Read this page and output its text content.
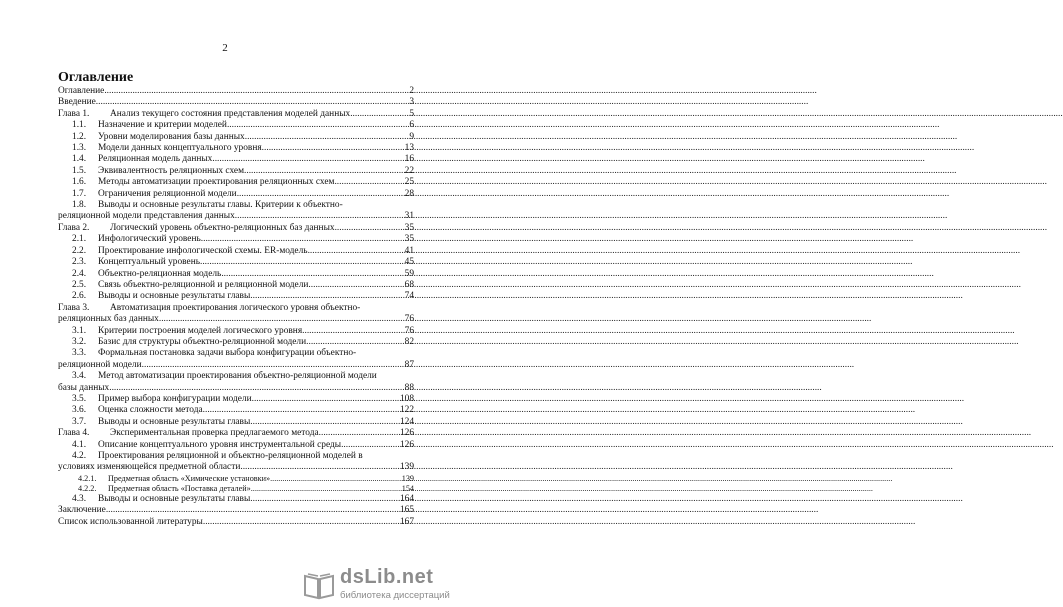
2
Оглавление
Оглавление .....	2
Введение .....	3
Глава 1. Анализ текущего состояния представления моделей данных .....	5
1.1. Назначение и критерии моделей .....	6
1.2. Уровни моделирования базы данных .....	9
1.3. Модели данных концептуального уровня .....	13
1.4. Реляционная модель данных .....	16
1.5. Эквивалентность реляционных схем .....	22
1.6. Методы автоматизации проектирования реляционных схем .....	25
1.7. Ограничения реляционной модели .....	28
1.8. Выводы и основные результаты главы. Критерии к объектно-
реляционной модели представления данных .....	31
Глава 2. Логический уровень объектно-реляционных баз данных .....	35
2.1. Инфологический уровень .....	35
2.2. Проектирование инфологической схемы. ER-модель .....	41
2.3. Концептуальный уровень .....	45
2.4. Объектно-реляционная модель .....	59
2.5. Связь объектно-реляционной и реляционной модели .....	68
2.6. Выводы и основные результаты главы .....	74
Глава 3. Автоматизация проектирования логического уровня объектно-
реляционных баз данных .....	76
3.1. Критерии построения моделей логического уровня .....	76
3.2. Базис для структуры объектно-реляционной модели .....	82
3.3. Формальная постановка задачи выбора конфигурации объектно-
реляционной модели .....	87
3.4. Метод автоматизации проектирования объектно-реляционной модели
базы данных .....	88
3.5. Пример выбора конфигурации модели .....	108
3.6. Оценка сложности метода .....	122
3.7. Выводы и основные результаты главы .....	124
Глава 4. Экспериментальная проверка предлагаемого метода .....	126
4.1. Описание концептуального уровня инструментальной среды .....	126
4.2. Проектирования реляционной и объектно-реляционной моделей в
условиях изменяющейся предметной области .....	139
4.2.1. Предметная область «Химические установки» .....	139
4.2.2. Предметная область «Поставка деталей» .....	154
4.3. Выводы и основные результаты главы .....	164
Заключение .....	165
Список использованной литературы .....	167
dsLib.net
библиотека диссертаций
